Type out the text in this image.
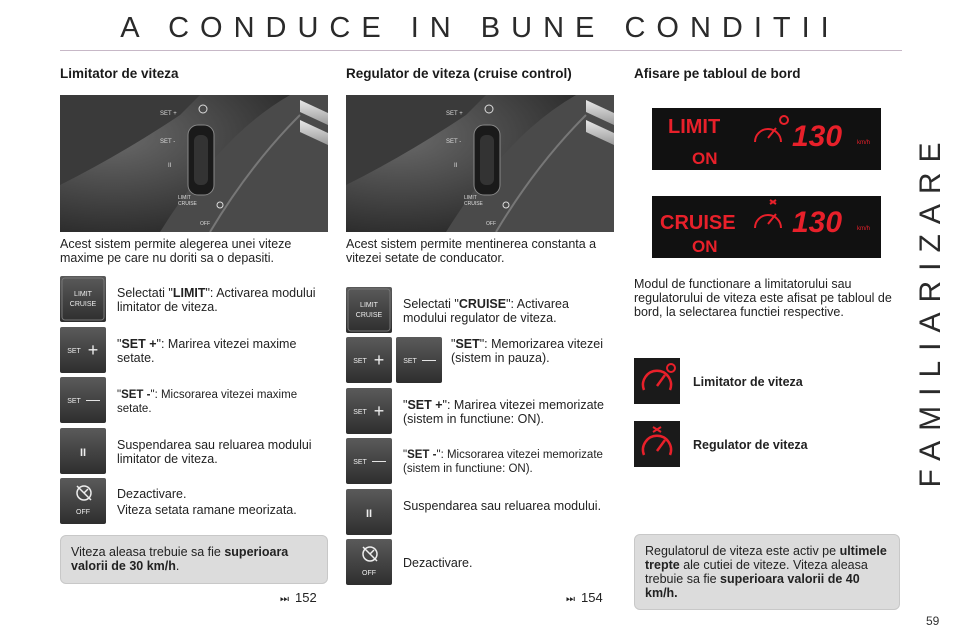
A CONDUCE IN BUNE CONDITII
FAMILIARIZARE
Limitator de viteza
SET +
SET -
II
LIMIT
CRUISE
OFF
Acest sistem permite alegerea unei viteze maxime pe care nu doriti sa o depasiti.
LIMIT
CRUISE
Selectati "LIMIT": Activarea modului limitator de viteza.
SET + "SET +": Marirea vitezei maxime setate.
SET — "SET -": Micsorarea vitezei maxime setate.
II
Suspendarea sau reluarea modului limitator de viteza.
OFF
Dezactivare.
Viteza setata ramane meorizata.
Viteza aleasa trebuie sa fie superioara valorii de 30 km/h.
⏭ 152
Regulator de viteza (cruise control)
SET +
SET -
II
LIMIT
CRUISE
OFF
Acest sistem permite mentinerea constanta a vitezei setate de conducator.
LIMIT
CRUISE
Selectati "CRUISE": Activarea modului regulator de viteza.
SET +	SET —
"SET": Memorizarea vitezei (sistem in pauza).
SET + "SET +": Marirea vitezei memorizate (sistem in functiune: ON).
SET — "SET -": Micsorarea vitezei memorizate (sistem in functiune: ON).
II
Suspendarea sau reluarea modului.
OFF
Dezactivare.
⏭ 154
Afisare pe tabloul de bord
LIMIT
ON
130 km/h
CRUISE
ON
130 km/h
Modul de functionare a limitatorului sau regulatorului de viteza este afisat pe tabloul de bord, la selectarea functiei respective.
Limitator de viteza
Regulator de viteza
Regulatorul de viteza este activ pe ultimele trepte ale cutiei de viteze. Viteza aleasa trebuie sa fie superioara valorii de 40 km/h.
59
